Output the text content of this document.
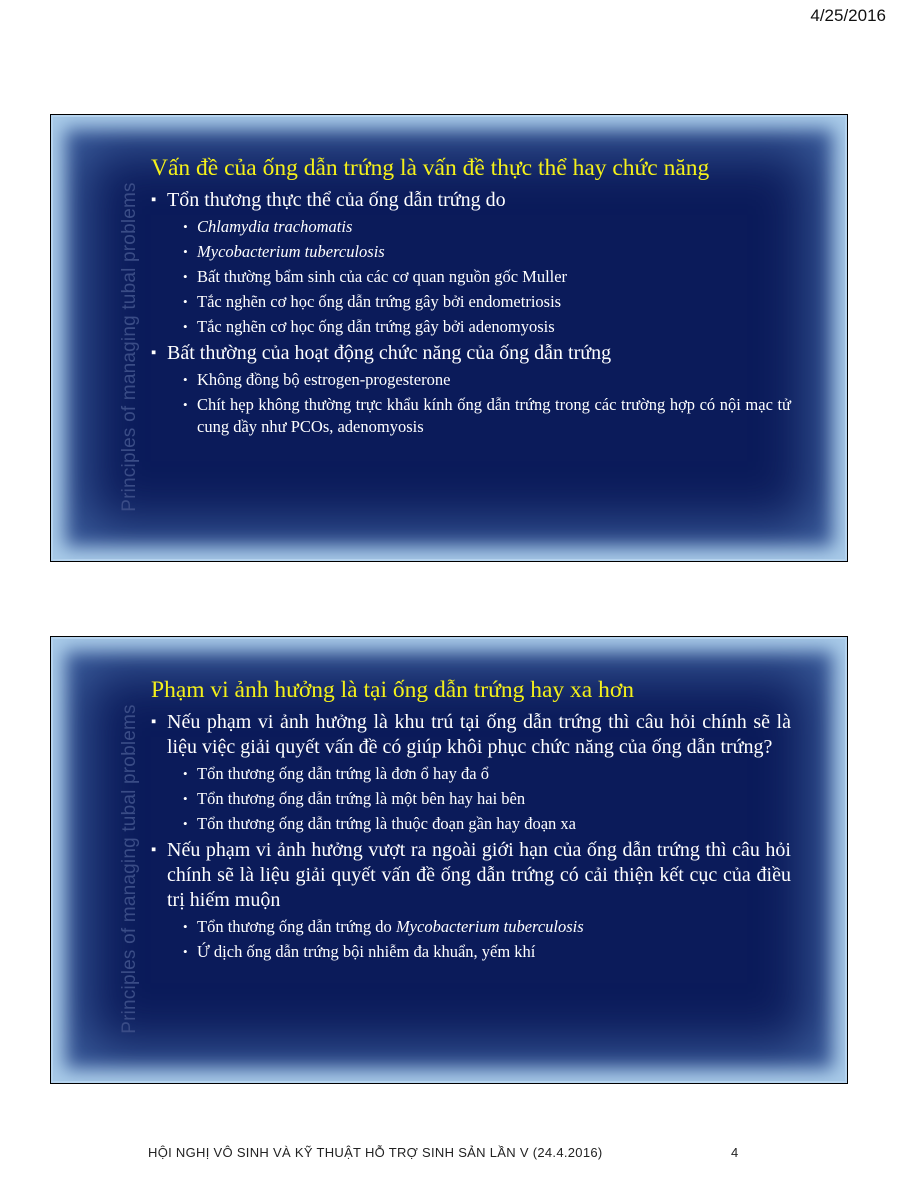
4/25/2016
Principles of managing tubal problems
Vấn đề của ống dẫn trứng là vấn đề thực thể hay chức năng
▪ Tổn thương thực thể của ống dẫn trứng do
• Chlamydia trachomatis
• Mycobacterium tuberculosis
• Bất thường bẩm sinh của các cơ quan nguồn gốc Muller
• Tắc nghẽn cơ học ống dẫn trứng gây bởi endometriosis
• Tắc nghẽn cơ học ống dẫn trứng gây bởi adenomyosis
▪ Bất thường của hoạt động chức năng của ống dẫn trứng
• Không đồng bộ estrogen-progesterone
• Chít hẹp không thường trực khẩu kính ống dẫn trứng trong các trường hợp có nội mạc tử cung dầy như PCOs, adenomyosis
Principles of managing tubal problems
Phạm vi ảnh hưởng là tại ống dẫn trứng hay xa hơn
▪ Nếu phạm vi ảnh hưởng là khu trú tại ống dẫn trứng thì câu hỏi chính sẽ là liệu việc giải quyết vấn đề có giúp khôi phục chức năng của ống dẫn trứng?
• Tổn thương ống dẫn trứng là đơn ổ hay đa ổ
• Tổn thương ống dẫn trứng là một bên hay hai bên
• Tổn thương ống dẫn trứng là thuộc đoạn gần hay đoạn xa
▪ Nếu phạm vi ảnh hưởng vượt ra ngoài giới hạn của ống dẫn trứng thì câu hỏi chính sẽ là liệu giải quyết vấn đề ống dẫn trứng có cải thiện kết cục của điều trị hiếm muộn
• Tổn thương ống dẫn trứng do Mycobacterium tuberculosis
• Ứ dịch ống dẫn trứng bội nhiễm đa khuẩn, yếm khí
HỘI NGHỊ VÔ SINH VÀ KỸ THUẬT HỖ TRỢ SINH SẢN LẦN V (24.4.2016)	4
